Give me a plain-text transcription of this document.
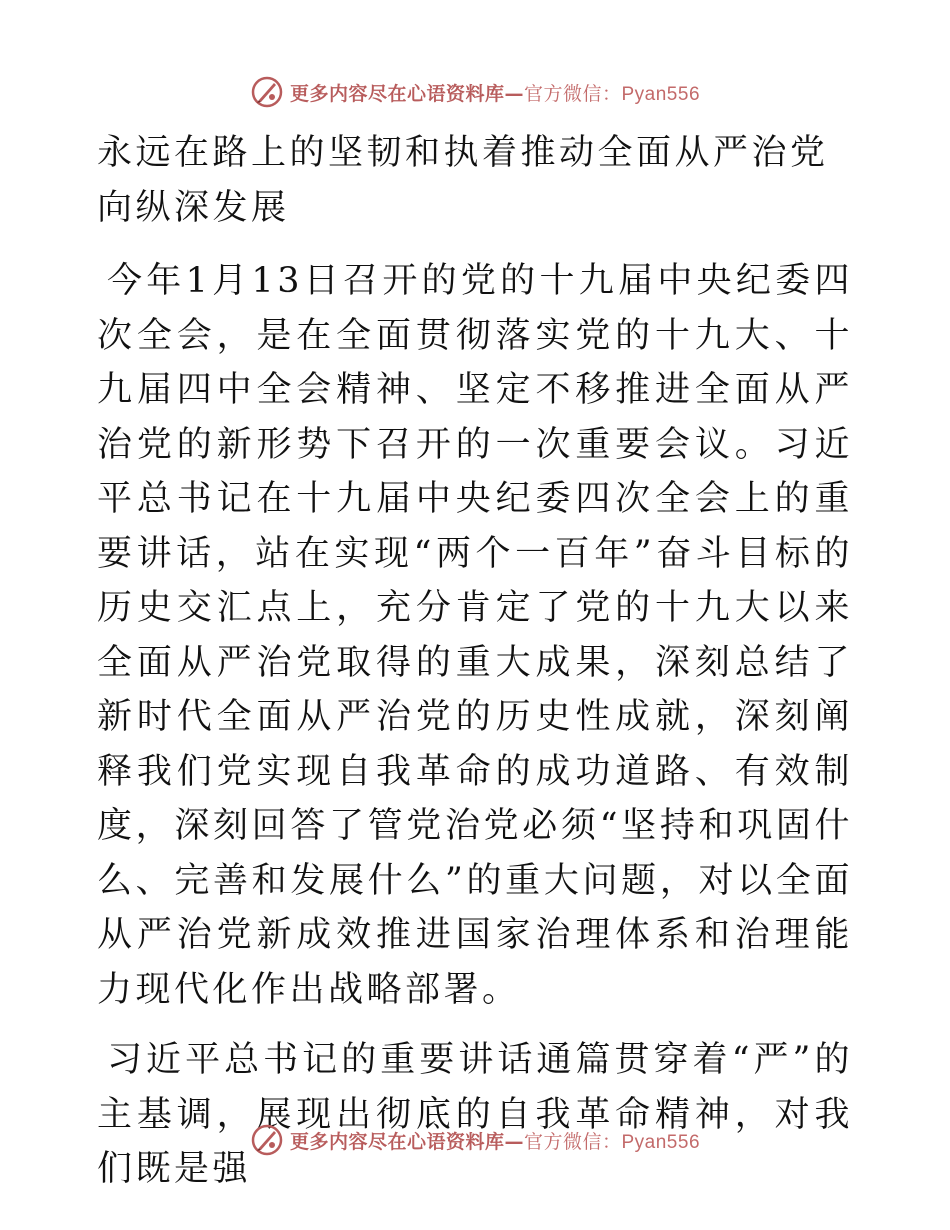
更多内容尽在心语资料库—官方微信：Pyan556
永远在路上的坚韧和执着推动全面从严治党向纵深发展

今年1月13日召开的党的十九届中央纪委四次全会，是在全面贯彻落实党的十九大、十九届四中全会精神、坚定不移推进全面从严治党的新形势下召开的一次重要会议。习近平总书记在十九届中央纪委四次全会上的重要讲话，站在实现“两个一百年”奋斗目标的历史交汇点上，充分肯定了党的十九大以来全面从严治党取得的重大成果，深刻总结了新时代全面从严治党的历史性成就，深刻阐释我们党实现自我革命的成功道路、有效制度，深刻回答了管党治党必须“坚持和巩固什么、完善和发展什么”的重大问题，对以全面从严治党新成效推进国家治理体系和治理能力现代化作出战略部署。

习近平总书记的重要讲话通篇贯穿着“严”的主基调，展现出彻底的自我革命精神，对我们既是强

更多内容尽在心语资料库—官方微信：Pyan556
